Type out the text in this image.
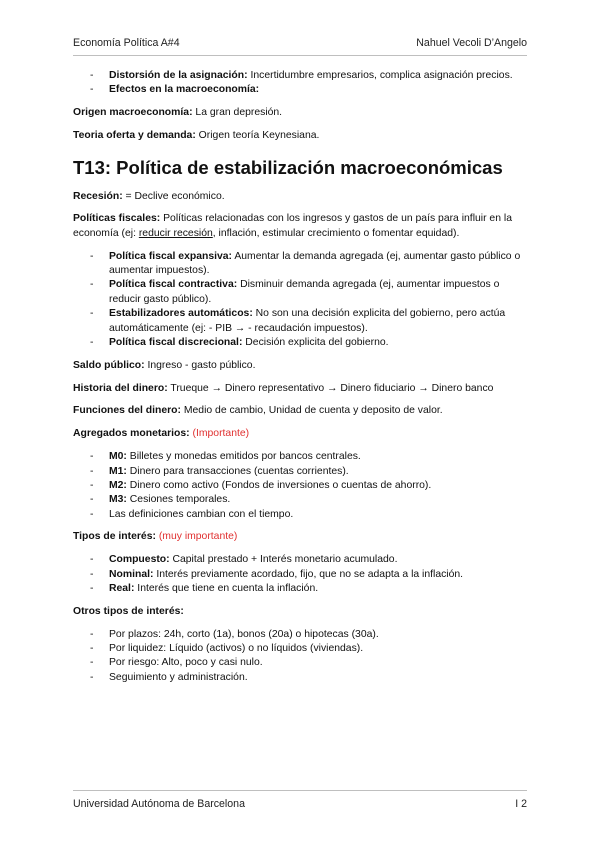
Economía Política A#4	Nahuel Vecoli D’Angelo
- Distorsión de la asignación: Incertidumbre empresarios, complica asignación precios.
- Efectos en la macroeconomía:

Origen macroeconomía: La gran depresión.

Teoria oferta y demanda: Origen teoría Keynesiana.

T13: Política de estabilización macroeconómicas

Recesión: = Declive económico.

Políticas fiscales: Políticas relacionadas con los ingresos y gastos de un país para influir en la economía (ej: reducir recesión, inflación, estimular crecimiento o fomentar equidad).

- Política fiscal expansiva: Aumentar la demanda agregada (ej, aumentar gasto público o aumentar impuestos).
- Política fiscal contractiva: Disminuir demanda agregada (ej, aumentar impuestos o reducir gasto público).
- Estabilizadores automáticos: No son una decisión explicita del gobierno, pero actúa automáticamente (ej: - PIB → - recaudación impuestos).
- Política fiscal discrecional: Decisión explicita del gobierno.

Saldo público: Ingreso - gasto público.

Historia del dinero: Trueque → Dinero representativo → Dinero fiduciario → Dinero banco

Funciones del dinero: Medio de cambio, Unidad de cuenta y deposito de valor.

Agregados monetarios: (Importante)

- M0: Billetes y monedas emitidos por bancos centrales.
- M1: Dinero para transacciones (cuentas corrientes).
- M2: Dinero como activo (Fondos de inversiones o cuentas de ahorro).
- M3: Cesiones temporales.
- Las definiciones cambian con el tiempo.

Tipos de interés: (muy importante)

- Compuesto: Capital prestado + Interés monetario acumulado.
- Nominal: Interés previamente acordado, fijo, que no se adapta a la inflación.
- Real: Interés que tiene en cuenta la inflación.

Otros tipos de interés:

- Por plazos: 24h, corto (1a), bonos (20a) o hipotecas (30a).
- Por liquidez: Líquido (activos) o no líquidos (viviendas).
- Por riesgo: Alto, poco y casi nulo.
- Seguimiento y administración.
Universidad Autónoma de Barcelona	I 2
